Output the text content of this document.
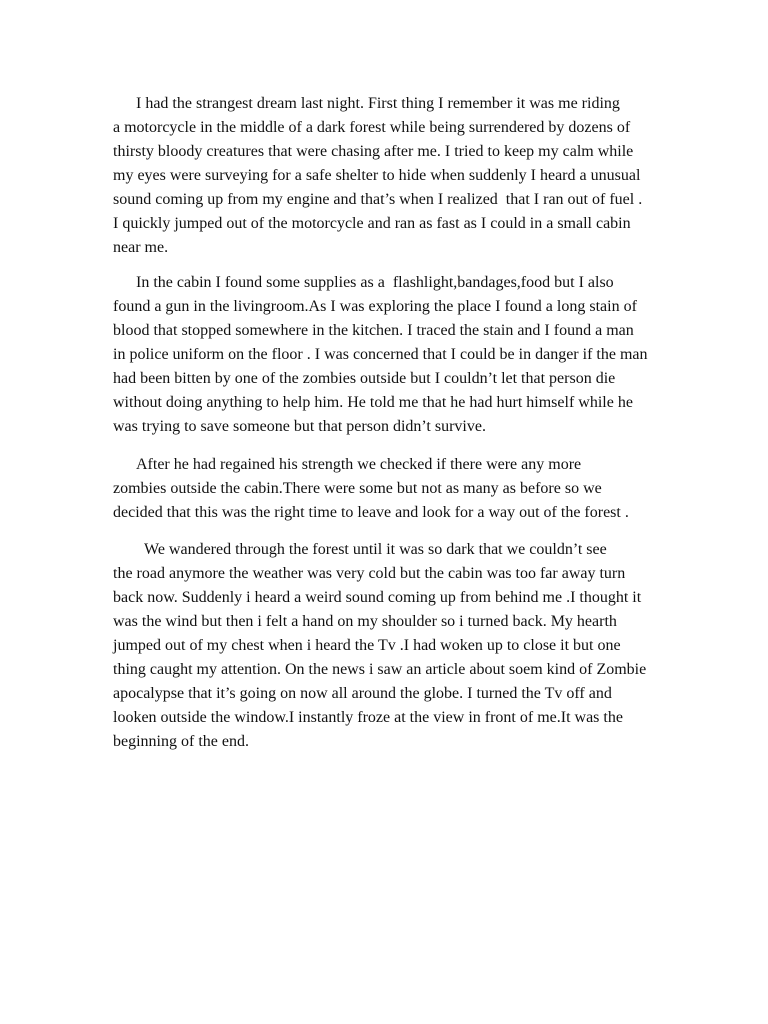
I had the strangest dream last night. First thing I remember it was me riding
a motorcycle in the middle of a dark forest while being surrendered by dozens of
thirsty bloody creatures that were chasing after me. I tried to keep my calm while
my eyes were surveying for a safe shelter to hide when suddenly I heard a unusual
sound coming up from my engine and that’s when I realized  that I ran out of fuel .
I quickly jumped out of the motorcycle and ran as fast as I could in a small cabin
near me.
In the cabin I found some supplies as a  flashlight,bandages,food but I also
found a gun in the livingroom.As I was exploring the place I found a long stain of
blood that stopped somewhere in the kitchen. I traced the stain and I found a man
in police uniform on the floor . I was concerned that I could be in danger if the man
had been bitten by one of the zombies outside but I couldn’t let that person die
without doing anything to help him. He told me that he had hurt himself while he
was trying to save someone but that person didn’t survive.
After he had regained his strength we checked if there were any more
zombies outside the cabin.There were some but not as many as before so we
decided that this was the right time to leave and look for a way out of the forest .
We wandered through the forest until it was so dark that we couldn’t see
the road anymore the weather was very cold but the cabin was too far away turn
back now. Suddenly i heard a weird sound coming up from behind me .I thought it
was the wind but then i felt a hand on my shoulder so i turned back. My hearth
jumped out of my chest when i heard the Tv .I had woken up to close it but one
thing caught my attention. On the news i saw an article about soem kind of Zombie
apocalypse that it’s going on now all around the globe. I turned the Tv off and
looken outside the window.I instantly froze at the view in front of me.It was the
beginning of the end.
